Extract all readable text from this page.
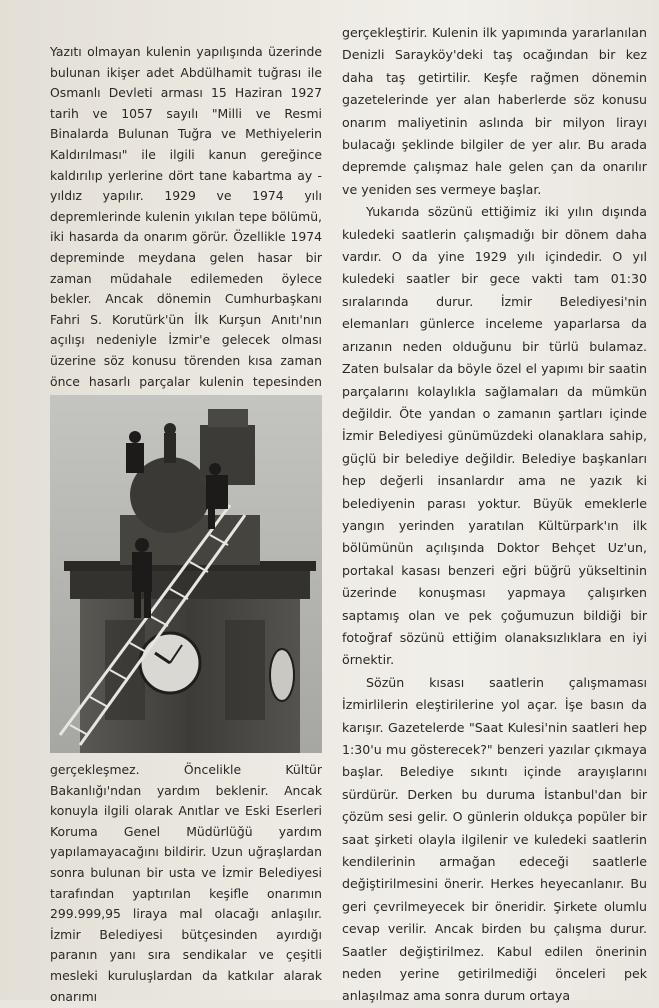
Yazıtı olmayan kulenin yapılışında üzerinde bulunan ikişer adet Abdülhamit tuğrası ile Osmanlı Devleti arması 15 Haziran 1927 tarih ve 1057 sayılı "Milli ve Resmi Binalarda Bulunan Tuğra ve Methiyelerin Kaldırılması" ile ilgili kanun gereğince kaldırılıp yerlerine dört tane kabartma ay - yıldız yapılır. 1929 ve 1974 yılı depremlerinde kulenin yıkılan tepe bölümü, iki hasarda da onarım görür. Özellikle 1974 depreminde meydana gelen hasar bir zaman müdahale edilemeden öylece bekler. Ancak dönemin Cumhurbaşkanı Fahri S. Korutürk'ün İlk Kurşun Anıtı'nın açılışı nedeniyle İzmir'e gelecek olması üzerine söz konusu törenden kısa zaman önce hasarlı parçalar kulenin tepesinden

gerçekleşmez. Öncelikle Kültür Bakanlığı'ndan yardım beklenir. Ancak konuyla ilgili olarak Anıtlar ve Eski Eserleri Koruma Genel Müdürlüğü yardım yapılamayacağını bildirir. Uzun uğraşlardan sonra bulunan bir usta ve İzmir Belediyesi tarafından yaptırılan keşifle onarımın 299.999,95 liraya mal olacağı anlaşılır. İzmir Belediyesi bütçesinden ayırdığı paranın yanı sıra sendikalar ve çeşitli mesleki kuruluşlardan da katkılar alarak onarımı

gerçekleştirir. Kulenin ilk yapımında yararlanılan Denizli Sarayköy'deki taş ocağından bir kez daha taş getirtilir. Keşfe rağmen dönemin gazetelerinde yer alan haberlerde söz konusu onarım maliyetinin aslında bir milyon lirayı bulacağı şeklinde bilgiler de yer alır. Bu arada depremde çalışmaz hale gelen çan da onarılır ve yeniden ses vermeye başlar.

Yukarıda sözünü ettiğimiz iki yılın dışında kuledeki saatlerin çalışmadığı bir dönem daha vardır. O da yine 1929 yılı içindedir. O yıl kuledeki saatler bir gece vakti tam 01:30 sıralarında durur. İzmir Belediyesi'nin elemanları günlerce inceleme yaparlarsa da arızanın neden olduğunu bir türlü bulamaz. Zaten bulsalar da böyle özel el yapımı bir saatin parçalarını kolaylıkla sağlamaları da mümkün değildir. Öte yandan o zamanın şartları içinde İzmir Belediyesi günümüzdeki olanaklara sahip, güçlü bir belediye değildir. Belediye başkanları hep değerli insanlardır ama ne yazık ki belediyenin parası yoktur. Büyük emeklerle yangın yerinden yaratılan Kültürpark'ın ilk bölümünün açılışında Doktor Behçet Uz'un, portakal kasası benzeri eğri büğrü yükseltinin üzerinde konuşması yapmaya çalışırken saptamış olan ve pek çoğumuzun bildiği bir fotoğraf sözünü ettiğim olanaksızlıklara en iyi örnektir.

Sözün kısası saatlerin çalışmaması İzmirlilerin eleştirilerine yol açar. İşe basın da karışır. Gazetelerde "Saat Kulesi'nin saatleri hep 1:30'u mu gösterecek?" benzeri yazılar çıkmaya başlar. Belediye sıkıntı içinde arayışlarını sürdürür. Derken bu duruma İstanbul'dan bir çözüm sesi gelir. O günlerin oldukça popüler bir saat şirketi olayla ilgilenir ve kuledeki saatlerin kendilerinin armağan edeceği saatlerle değiştirilmesini önerir. Herkes heyecanlanır. Bu geri çevrilmeyecek bir öneridir. Şirkete olumlu cevap verilir. Ancak birden bu çalışma durur. Saatler değiştirilmez. Kabul edilen önerinin neden yerine getirilmediği önceleri pek anlaşılmaz ama sonra durum ortaya
